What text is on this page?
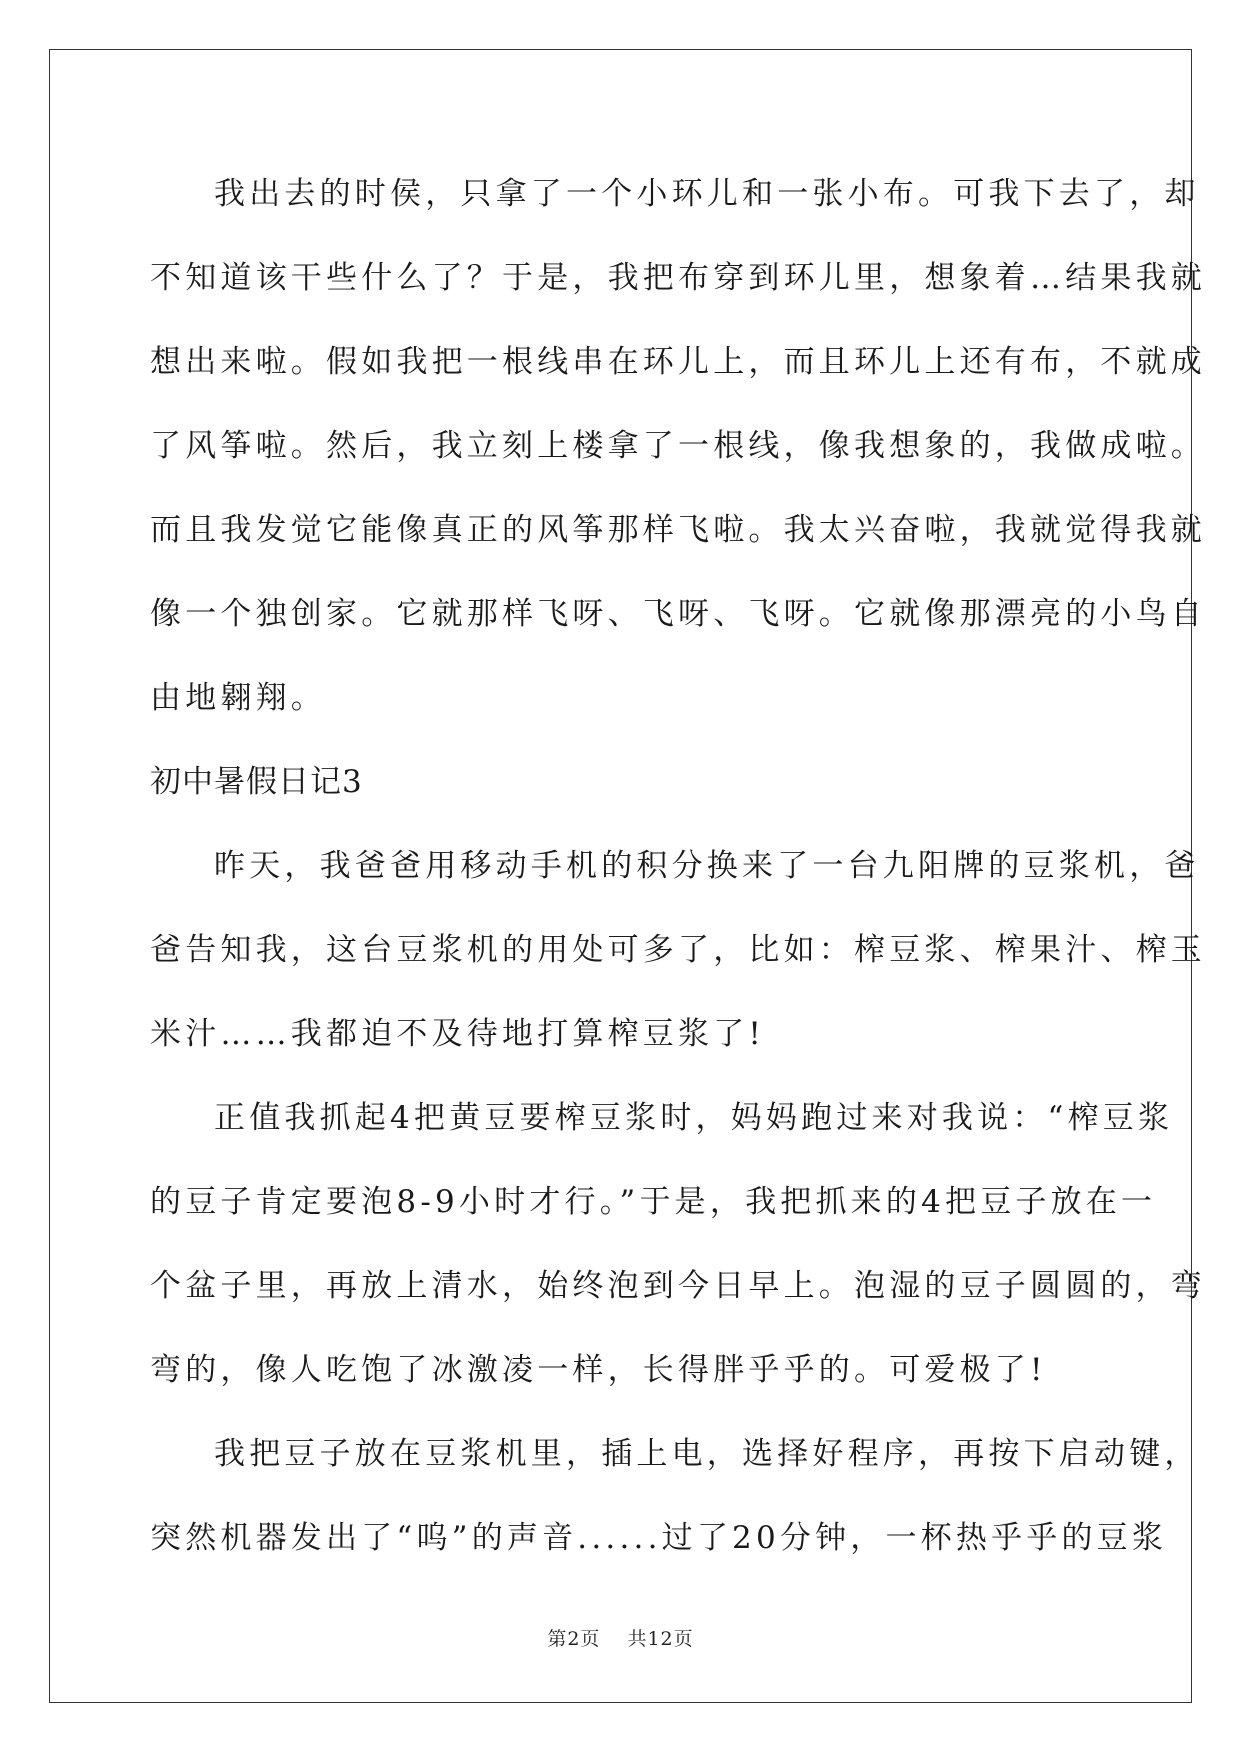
我出去的时侯，只拿了一个小环儿和一张小布。可我下去了，却

不知道该干些什么了？于是，我把布穿到环儿里，想象着…结果我就

想出来啦。假如我把一根线串在环儿上，而且环儿上还有布，不就成

了风筝啦。然后，我立刻上楼拿了一根线，像我想象的，我做成啦。

而且我发觉它能像真正的风筝那样飞啦。我太兴奋啦，我就觉得我就

像一个独创家。它就那样飞呀、飞呀、飞呀。它就像那漂亮的小鸟自

由地翱翔。

初中暑假日记3

昨天，我爸爸用移动手机的积分换来了一台九阳牌的豆浆机，爸

爸告知我，这台豆浆机的用处可多了，比如：榨豆浆、榨果汁、榨玉

米汁……我都迫不及待地打算榨豆浆了!

正值我抓起4把黄豆要榨豆浆时，妈妈跑过来对我说：“榨豆浆

的豆子肯定要泡8-9小时才行。”于是，我把抓来的4把豆子放在一

个盆子里，再放上清水，始终泡到今日早上。泡湿的豆子圆圆的，弯

弯的，像人吃饱了冰激凌一样，长得胖乎乎的。可爱极了!

我把豆子放在豆浆机里，插上电，选择好程序，再按下启动键，

突然机器发出了“呜”的声音......过了20分钟，一杯热乎乎的豆浆

第2页 共12页
